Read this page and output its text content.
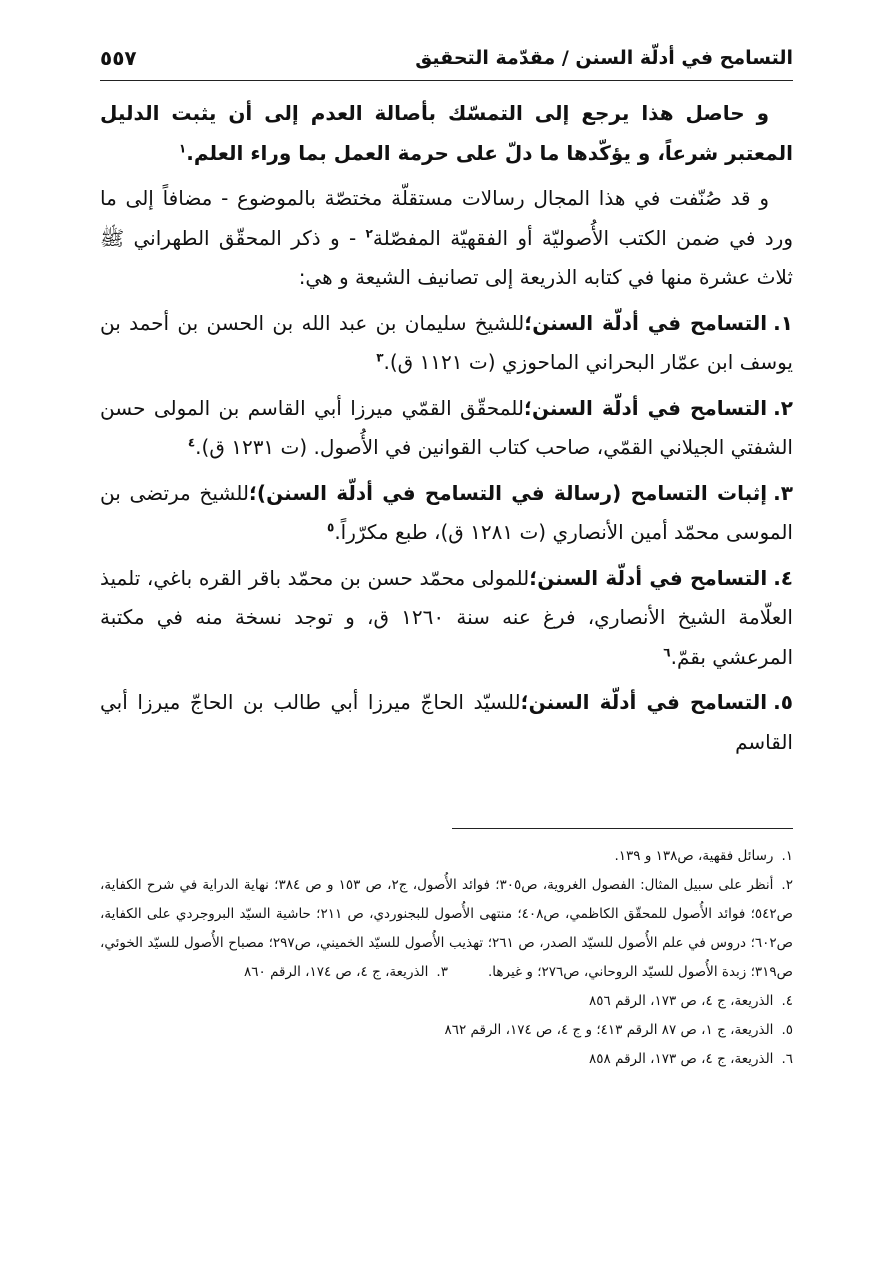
التسامح في أدلّة السنن / مقدّمة التحقيق
٥٥٧

و حاصل هذا يرجع إلى التمسّك بأصالة العدم إلى أن يثبت الدليل المعتبر شرعاً، و يؤكّدها ما دلّ على حرمة العمل بما وراء العلم.$^١$

و قد صُنّفت في هذا المجال رسالات مستقلّة مختصّة بالموضوع - مضافاً إلى ما ورد في ضمن الكتب الأُصوليّة أو الفقهيّة المفصّلة$^٢$ - و ذكر المحقّق الطهراني ﷺ ثلاث عشرة منها في كتابه الذريعة إلى تصانيف الشيعة و هي:

١.التسامح في أدلّة السنن؛للشيخ سليمان بن عبد الله بن الحسن بن أحمد بن يوسف ابن عمّار البحراني الماحوزي (ت ١١٢١ ق).$^٣$
٢.التسامح في أدلّة السنن؛للمحقّق القمّي ميرزا أبي القاسم بن المولى حسن الشفتي الجيلاني القمّي، صاحب كتاب القوانين في الأُصول. (ت ١٢٣١ ق).$^٤$
٣.إثبات التسامح (رسالة في التسامح في أدلّة السنن)؛للشيخ مرتضى بن الموسى محمّد أمين الأنصاري (ت ١٢٨١ ق)، طبع مكرّراً.$^٥$
٤.التسامح في أدلّة السنن؛للمولى محمّد حسن بن محمّد باقر القره باغي، تلميذ العلّامة الشيخ الأنصاري، فرغ عنه سنة ١٢٦٠ ق، و توجد نسخة منه في مكتبة المرعشي بقمّ.$^٦$
٥.التسامح في أدلّة السنن؛للسيّد الحاجّ ميرزا أبي طالب بن الحاجّ ميرزا أبي القاسم

١.رسائل فقهية، ص١٣٨ و ١٣٩.

٢.أنظر على سبيل المثال: الفصول الغروية، ص٣٠٥؛ فوائد الأُصول، ج٢، ص ١٥٣ و ص ٣٨٤؛ نهاية الدراية في شرح الكفاية، ص٥٤٢؛ فوائد الأُصول للمحقّق الكاظمي، ص٤٠٨؛ منتهى الأُصول للبجنوردي، ص ٢١١؛ حاشية السيّد البروجردي على الكفاية، ص٦٠٢؛ دروس في علم الأُصول للسيّد الصدر، ص ٢٦١؛ تهذيب الأُصول للسيّد الخميني، ص٢٩٧؛ مصباح الأُصول للسيّد الخوئي، ص٣١٩؛ زبدة الأُصول للسيّد الروحاني، ص٢٧٦؛ و غيرها.٣.الذريعة، ج ٤، ص ١٧٤، الرقم ٨٦٠

٤.الذريعة، ج ٤، ص ١٧٣، الرقم ٨٥٦

٥.الذريعة، ج ١، ص ٨٧ الرقم ٤١٣؛ و ج ٤، ص ١٧٤، الرقم ٨٦٢

٦.الذريعة، ج ٤، ص ١٧٣، الرقم ٨٥٨
